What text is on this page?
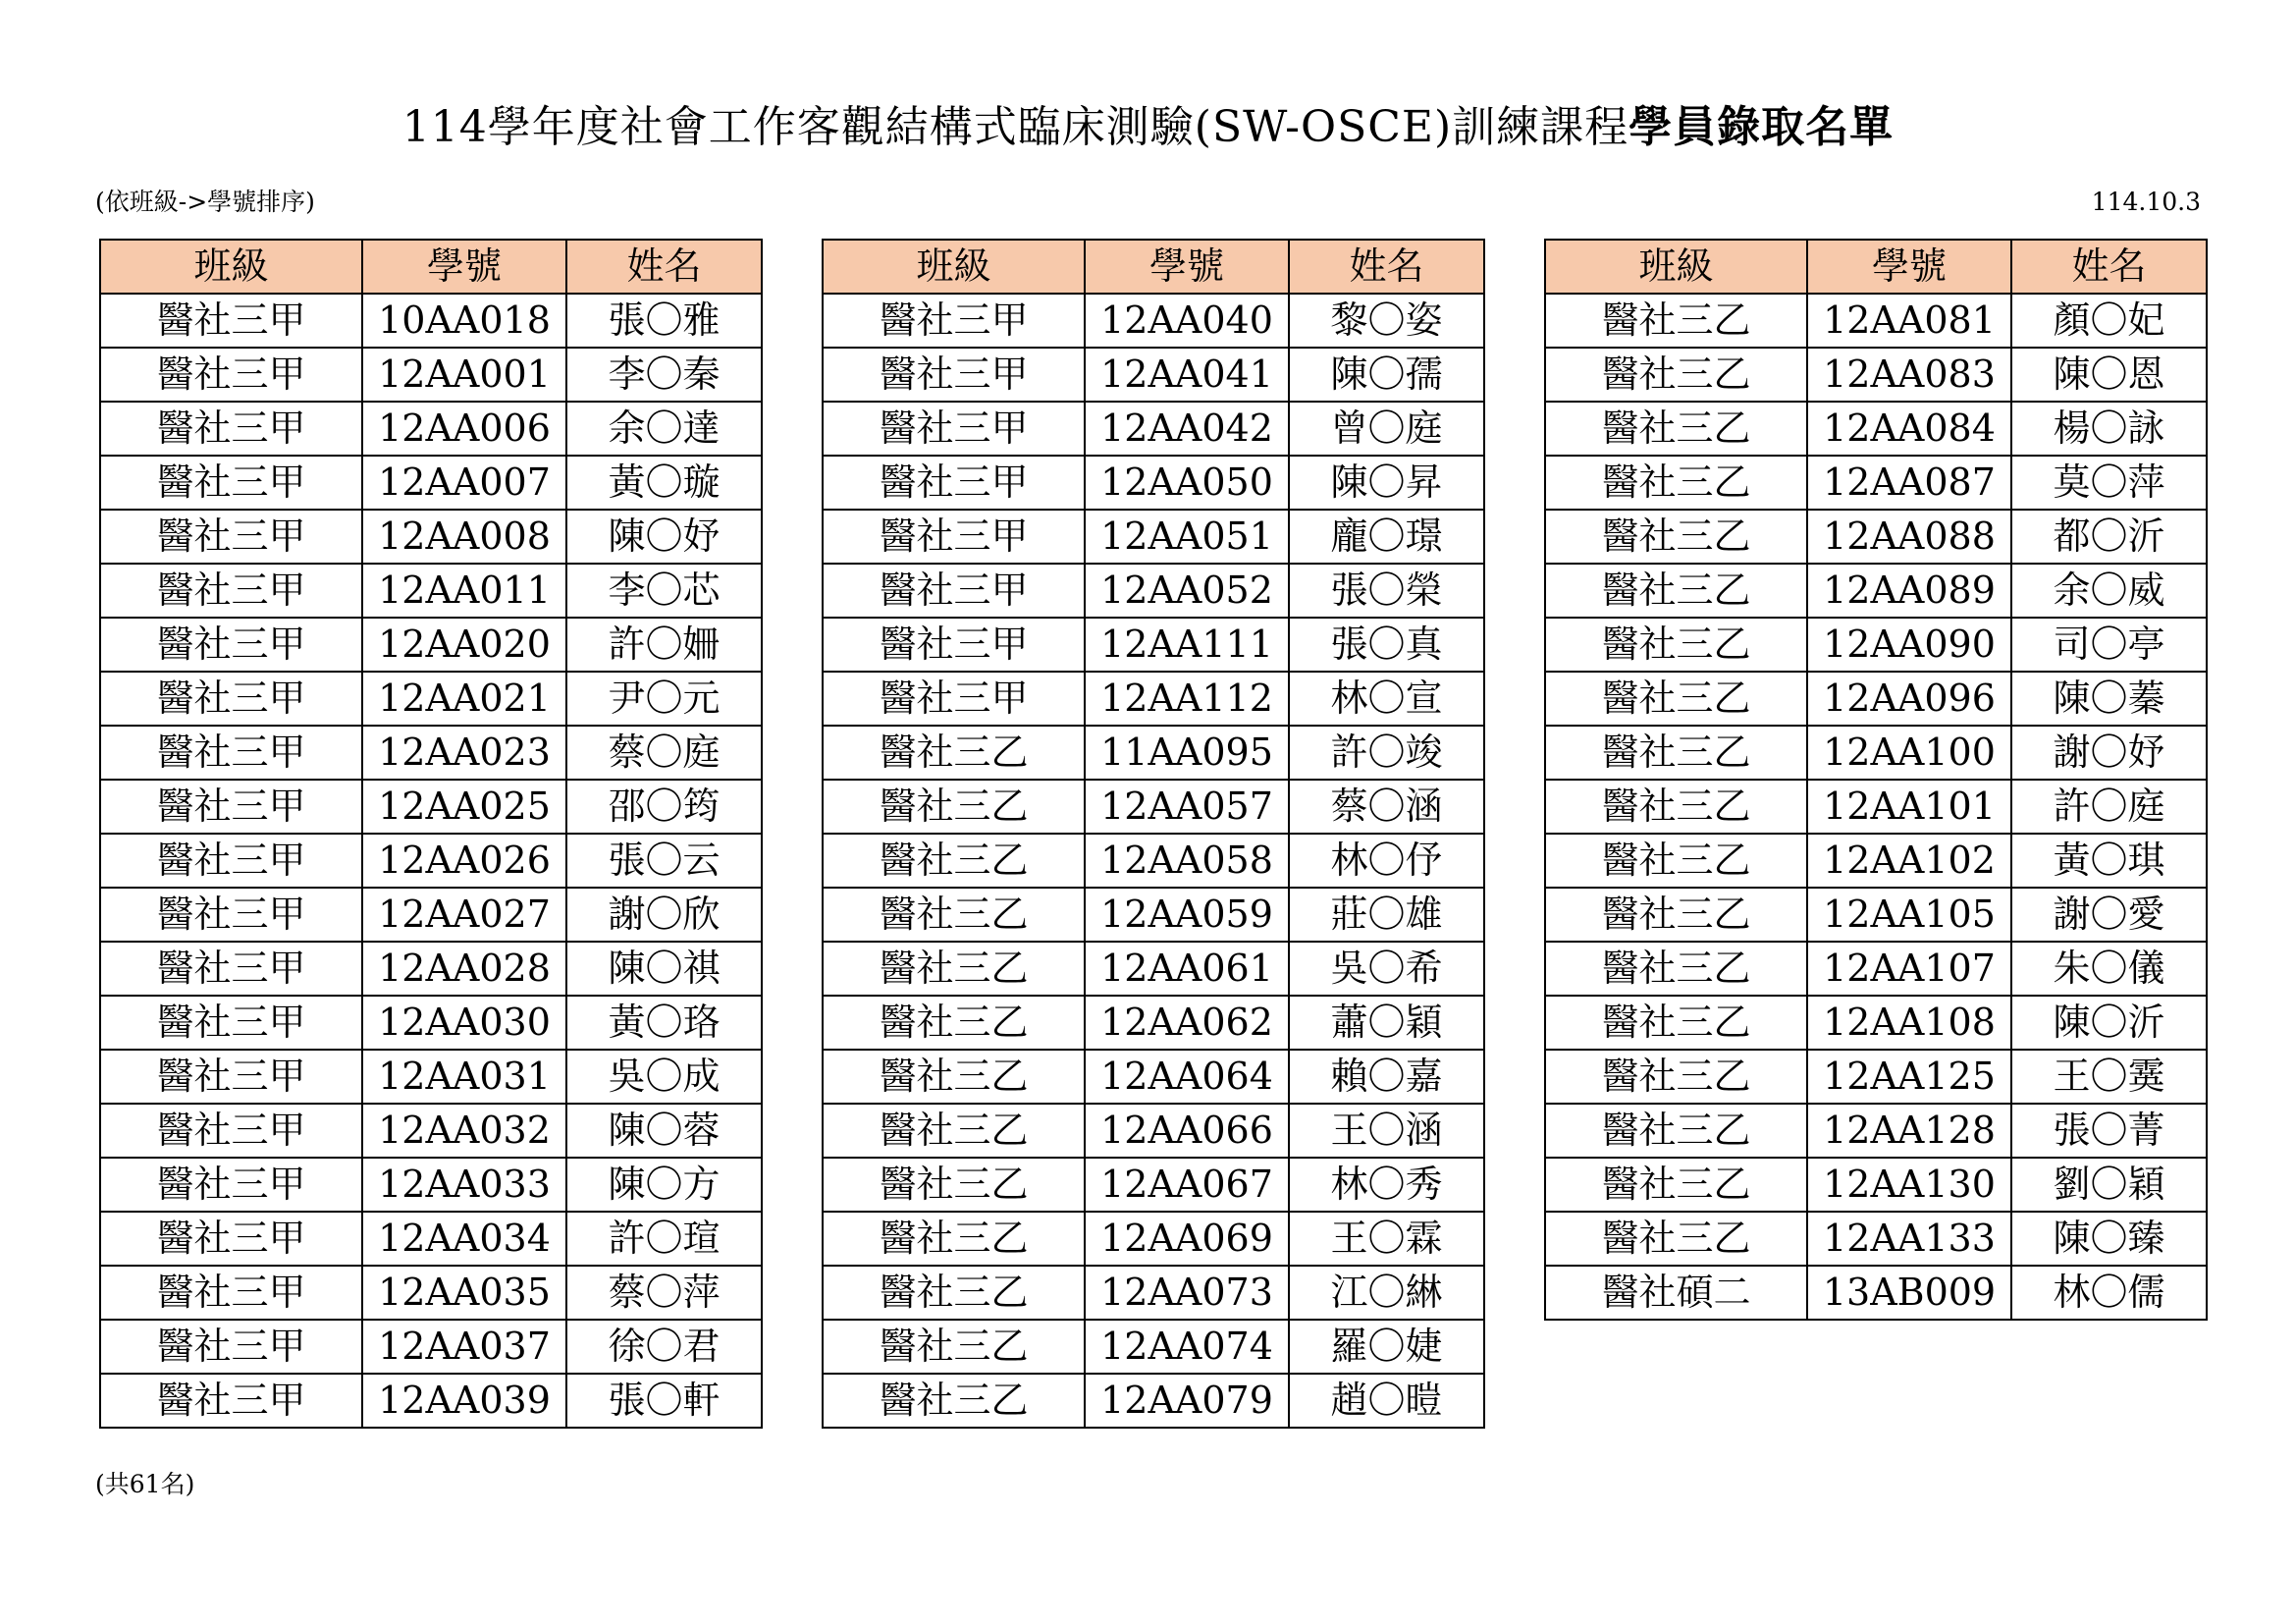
114學年度社會工作客觀結構式臨床測驗(SW-OSCE)訓練課程學員錄取名單
(依班級->學號排序)	114.10.3
班級	學號	姓名
醫社三甲	10AA018	張〇雅
醫社三甲	12AA001	李〇秦
醫社三甲	12AA006	余〇達
醫社三甲	12AA007	黃〇璇
醫社三甲	12AA008	陳〇妤
醫社三甲	12AA011	李〇芯
醫社三甲	12AA020	許〇姍
醫社三甲	12AA021	尹〇元
醫社三甲	12AA023	蔡〇庭
醫社三甲	12AA025	邵〇筠
醫社三甲	12AA026	張〇云
醫社三甲	12AA027	謝〇欣
醫社三甲	12AA028	陳〇祺
醫社三甲	12AA030	黃〇珞
醫社三甲	12AA031	吳〇成
醫社三甲	12AA032	陳〇蓉
醫社三甲	12AA033	陳〇方
醫社三甲	12AA034	許〇瑄
醫社三甲	12AA035	蔡〇萍
醫社三甲	12AA037	徐〇君
醫社三甲	12AA039	張〇軒
班級	學號	姓名
醫社三甲	12AA040	黎〇姿
醫社三甲	12AA041	陳〇孺
醫社三甲	12AA042	曾〇庭
醫社三甲	12AA050	陳〇昇
醫社三甲	12AA051	龐〇璟
醫社三甲	12AA052	張〇榮
醫社三甲	12AA111	張〇真
醫社三甲	12AA112	林〇宣
醫社三乙	11AA095	許〇竣
醫社三乙	12AA057	蔡〇涵
醫社三乙	12AA058	林〇伃
醫社三乙	12AA059	莊〇雄
醫社三乙	12AA061	吳〇希
醫社三乙	12AA062	蕭〇穎
醫社三乙	12AA064	賴〇嘉
醫社三乙	12AA066	王〇涵
醫社三乙	12AA067	林〇秀
醫社三乙	12AA069	王〇霖
醫社三乙	12AA073	江〇綝
醫社三乙	12AA074	羅〇婕
醫社三乙	12AA079	趙〇暟
班級	學號	姓名
醫社三乙	12AA081	顏〇妃
醫社三乙	12AA083	陳〇恩
醫社三乙	12AA084	楊〇詠
醫社三乙	12AA087	莫〇萍
醫社三乙	12AA088	都〇沂
醫社三乙	12AA089	余〇威
醫社三乙	12AA090	司〇亭
醫社三乙	12AA096	陳〇蓁
醫社三乙	12AA100	謝〇妤
醫社三乙	12AA101	許〇庭
醫社三乙	12AA102	黃〇琪
醫社三乙	12AA105	謝〇愛
醫社三乙	12AA107	朱〇儀
醫社三乙	12AA108	陳〇沂
醫社三乙	12AA125	王〇霙
醫社三乙	12AA128	張〇菁
醫社三乙	12AA130	劉〇穎
醫社三乙	12AA133	陳〇臻
醫社碩二	13AB009	林〇儒
(共61名)
